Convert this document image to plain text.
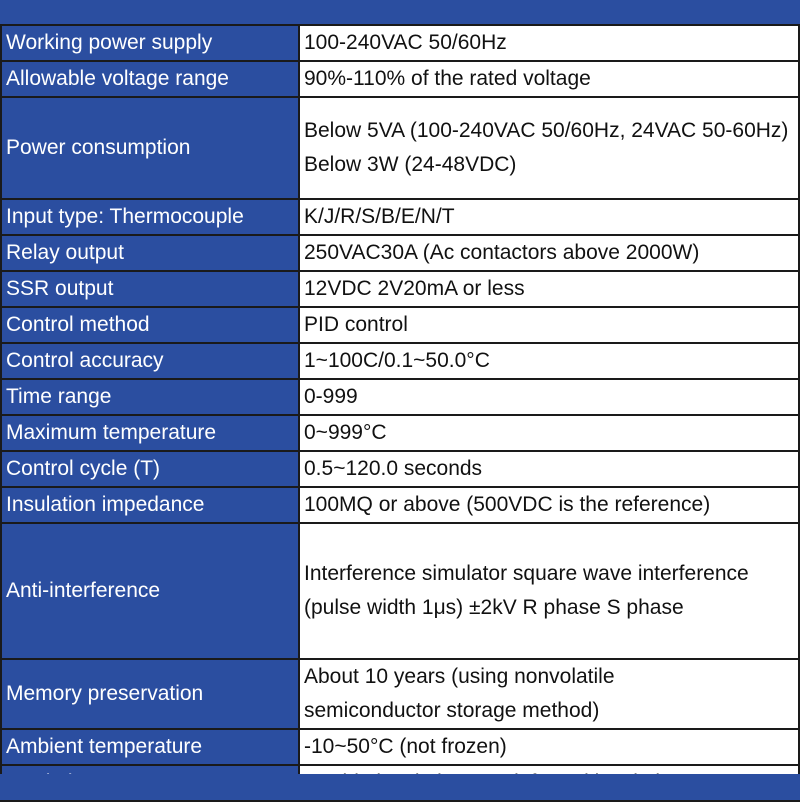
Working power supply	100-240VAC 50/60Hz

Allowable voltage range	90%-110% of the rated voltage

Power consumption	Below 5VA (100-240VAC 50/60Hz, 24VAC 50-60Hz)
Below 3W (24-48VDC)

Input type: Thermocouple	K/J/R/S/B/E/N/T

Relay output	250VAC30A (Ac contactors above 2000W)

SSR output	12VDC 2V20mA or less

Control method	PID control

Control accuracy	1~100C/0.1~50.0°C

Time range	0-999

Maximum temperature	0~999°C

Control cycle (T)	0.5~120.0 seconds

Insulation impedance	100MQ or above (500VDC is the reference)

Anti-interference	Interference simulator square wave interference
(pulse width 1μs) ±2kV R phase S phase

Memory preservation	About 10 years (using nonvolatile
semiconductor storage method)

Ambient temperature	-10~50°C (not frozen)
